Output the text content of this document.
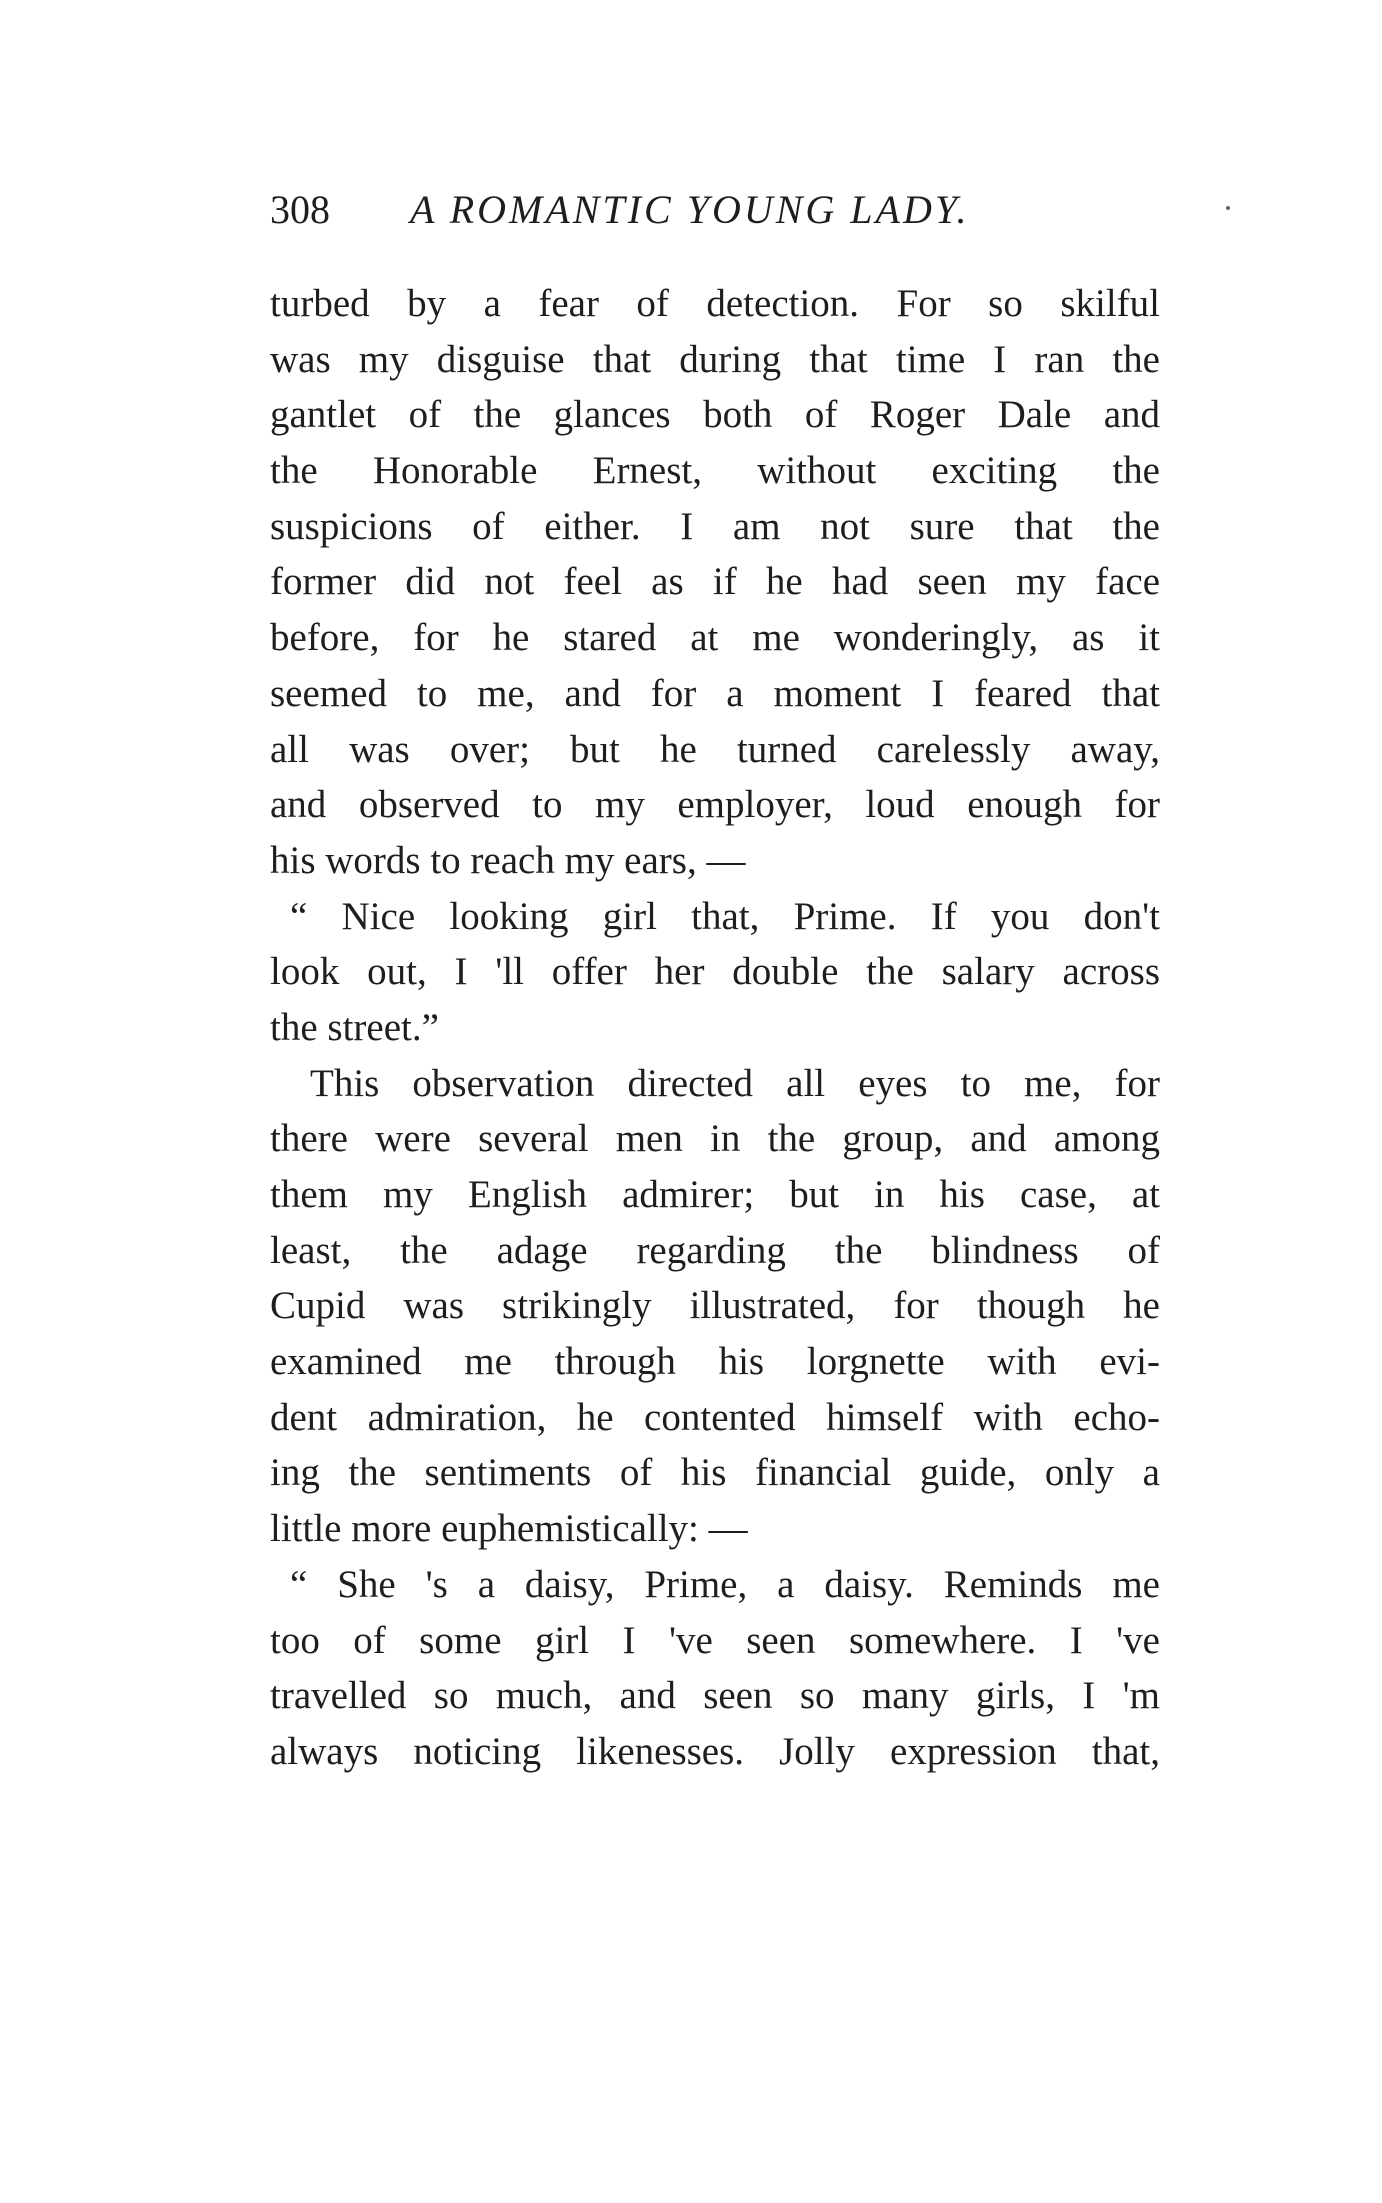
308 A ROMANTIC YOUNG LADY.
turbed by a fear of detection. For so skilful
was my disguise that during that time I ran the
gantlet of the glances both of Roger Dale and
the Honorable Ernest, without exciting the
suspicions of either. I am not sure that the
former did not feel as if he had seen my face
before, for he stared at me wonderingly, as it
seemed to me, and for a moment I feared that
all was over; but he turned carelessly away,
and observed to my employer, loud enough for
his words to reach my ears, —
“ Nice looking girl that, Prime. If you don't
look out, I 'll offer her double the salary across
the street.”
This observation directed all eyes to me, for
there were several men in the group, and among
them my English admirer; but in his case, at
least, the adage regarding the blindness of
Cupid was strikingly illustrated, for though he
examined me through his lorgnette with evi-
dent admiration, he contented himself with echo-
ing the sentiments of his financial guide, only a
little more euphemistically: —
“ She 's a daisy, Prime, a daisy. Reminds me
too of some girl I 've seen somewhere. I 've
travelled so much, and seen so many girls, I 'm
always noticing likenesses. Jolly expression that,
